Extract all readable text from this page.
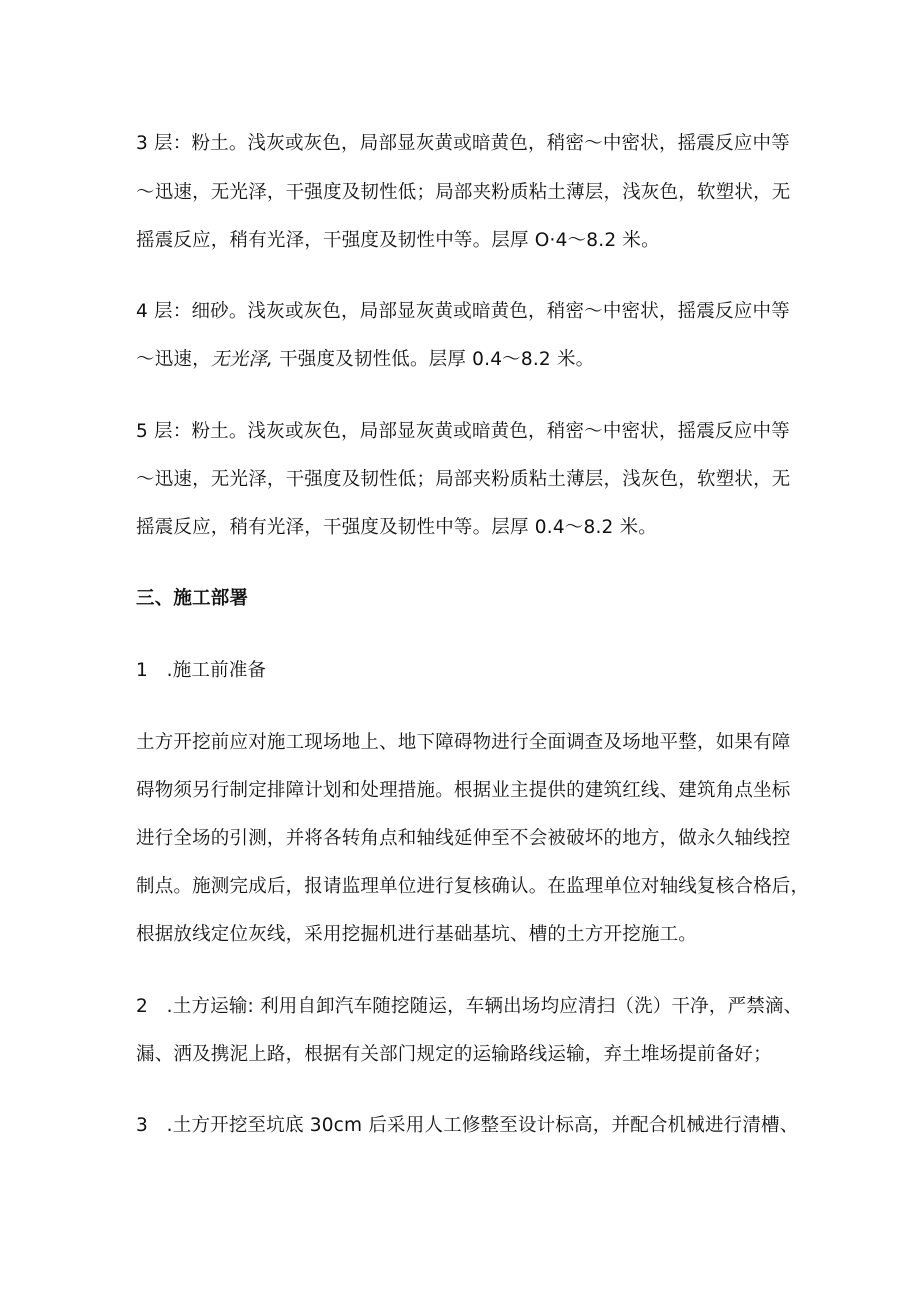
3 层：粉土。浅灰或灰色，局部显灰黄或暗黄色，稍密～中密状，摇震反应中等
～迅速，无光泽，干强度及韧性低；局部夹粉质粘土薄层，浅灰色，软塑状，无
摇震反应，稍有光泽，干强度及韧性中等。层厚 O·4～8.2 米。
4 层：细砂。浅灰或灰色，局部显灰黄或暗黄色，稍密～中密状，摇震反应中等
～迅速，无光泽, 干强度及韧性低。层厚 0.4～8.2 米。
5 层：粉土。浅灰或灰色，局部显灰黄或暗黄色，稍密～中密状，摇震反应中等
～迅速，无光泽，干强度及韧性低；局部夹粉质粘土薄层，浅灰色，软塑状，无
摇震反应，稍有光泽，干强度及韧性中等。层厚 0.4～8.2 米。
三、施工部署
1　.施工前准备
土方开挖前应对施工现场地上、地下障碍物进行全面调查及场地平整，如果有障
碍物须另行制定排障计划和处理措施。根据业主提供的建筑红线、建筑角点坐标
进行全场的引测，并将各转角点和轴线延伸至不会被破坏的地方，做永久轴线控
制点。施测完成后，报请监理单位进行复核确认。在监理单位对轴线复核合格后，
根据放线定位灰线，采用挖掘机进行基础基坑、槽的土方开挖施工。
2　.土方运输: 利用自卸汽车随挖随运，车辆出场均应清扫（洗）干净，严禁滴、
漏、洒及携泥上路，根据有关部门规定的运输路线运输，弃土堆场提前备好；
3　.土方开挖至坑底 30cm 后采用人工修整至设计标高，并配合机械进行清槽、
